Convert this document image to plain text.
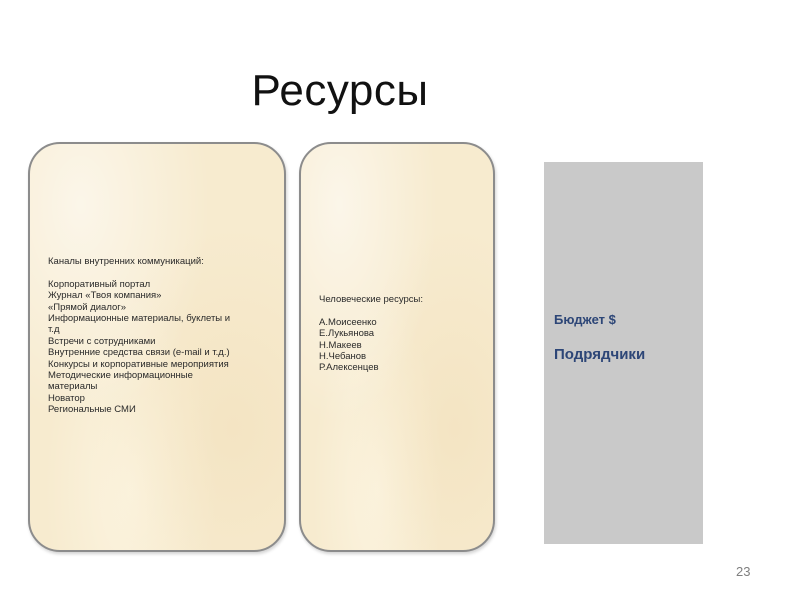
Ресурсы
Каналы внутренних коммуникаций:
Корпоративный портал
Журнал «Твоя компания»
«Прямой диалог»
Информационные материалы, буклеты и
т.д
Встречи с сотрудниками
Внутренние средства связи (e-mail и т.д.)
Конкурсы и корпоративные мероприятия
Методические информационные
материалы
Новатор
Региональные СМИ
Человеческие ресурсы:
А.Моисеенко
Е.Лукьянова
Н.Макеев
Н.Чебанов
Р.Алексенцев
Бюджет $
Подрядчики
23
